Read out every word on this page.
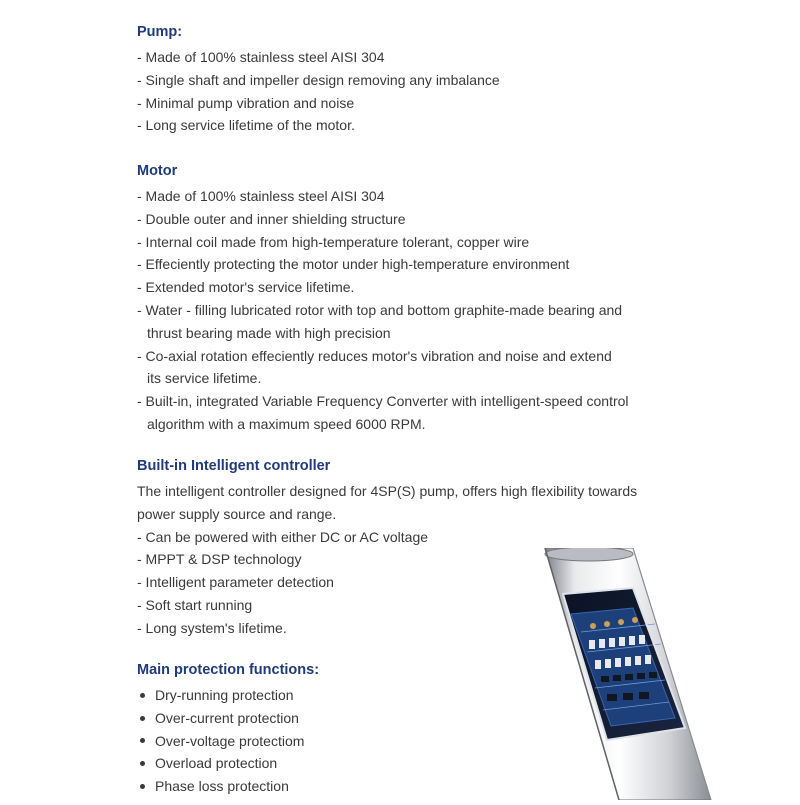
Pump:
- Made of 100% stainless steel AISI 304
- Single shaft and impeller design removing any imbalance
- Minimal pump vibration and noise
- Long service lifetime of the motor.
Motor
- Made of 100% stainless steel AISI 304
- Double outer and inner shielding structure
- Internal coil made from high-temperature tolerant, copper wire
- Effeciently protecting the motor under high-temperature environment
- Extended motor's service lifetime.
- Water - filling lubricated rotor with top and bottom graphite-made bearing and
thrust bearing made with high precision
- Co-axial rotation effeciently reduces motor's vibration and noise and extend
its service lifetime.
- Built-in, integrated Variable Frequency Converter with intelligent-speed control
algorithm with a maximum speed 6000 RPM.
Built-in Intelligent controller
The intelligent controller designed for 4SP(S) pump, offers high flexibility towards
power supply source and range.
- Can be powered with either DC or AC voltage
- MPPT & DSP technology
- Intelligent parameter detection
- Soft start running
- Long system's lifetime.
Main protection functions:
Dry-running protection
Over-current protection
Over-voltage protectiom
Overload protection
Phase loss protection
